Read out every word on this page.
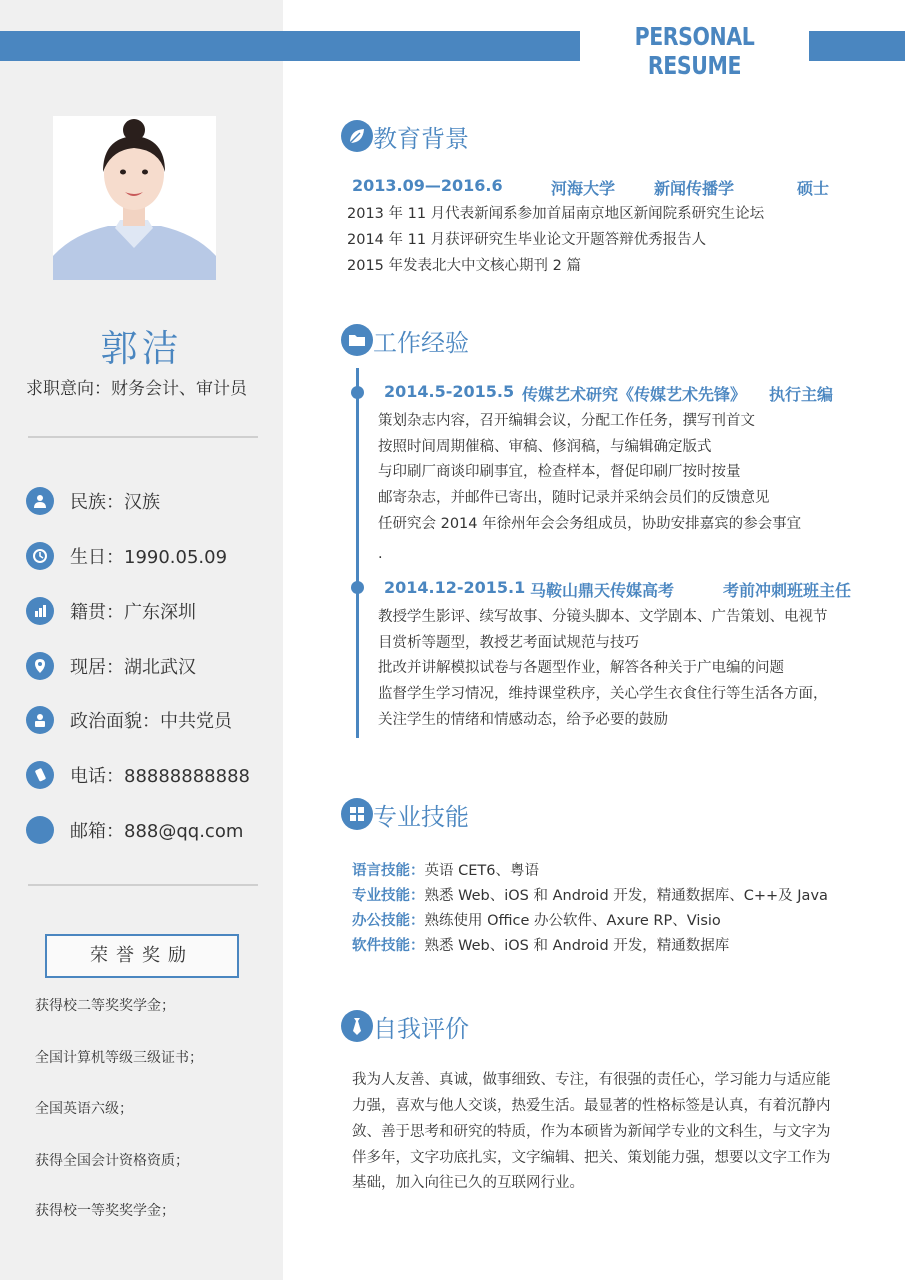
PERSONAL RESUME
郭洁
求职意向：财务会计、审计员
民族：汉族
生日：1990.05.09
籍贯：广东深圳
现居：湖北武汉
政治面貌：中共党员
电话：88888888888
邮箱：888@qq.com
荣誉奖励
获得校二等奖奖学金；
全国计算机等级三级证书；
全国英语六级；
获得全国会计资格资质；
获得校一等奖奖学金；
教育背景
2013.09—2016.6	河海大学 新闻传播学	硕士
2013 年 11 月代表新闻系参加首届南京地区新闻院系研究生论坛
2014 年 11 月获评研究生毕业论文开题答辩优秀报告人
2015 年发表北大中文核心期刊 2 篇
工作经验
2014.5-2015.5 传媒艺术研究《传媒艺术先锋》 执行主编
策划杂志内容，召开编辑会议，分配工作任务，撰写刊首文
按照时间周期催稿、审稿、修润稿，与编辑确定版式
与印刷厂商谈印刷事宜，检查样本，督促印刷厂按时按量
邮寄杂志，并邮件已寄出，随时记录并采纳会员们的反馈意见
任研究会 2014 年徐州年会会务组成员，协助安排嘉宾的参会事宜
.
2014.12-2015.1 马鞍山鼎天传媒高考	考前冲刺班班主任
教授学生影评、续写故事、分镜头脚本、文学剧本、广告策划、电视节
目赏析等题型，教授艺考面试规范与技巧
批改并讲解模拟试卷与各题型作业，解答各种关于广电编的问题
监督学生学习情况，维持课堂秩序，关心学生衣食住行等生活各方面，
关注学生的情绪和情感动态，给予必要的鼓励
专业技能
语言技能：英语 CET6、粤语
专业技能：熟悉 Web、iOS 和 Android 开发，精通数据库、C++及 Java
办公技能：熟练使用 Office 办公软件、Axure RP、Visio
软件技能：熟悉 Web、iOS 和 Android 开发，精通数据库
自我评价
我为人友善、真诚，做事细致、专注，有很强的责任心，学习能力与适应能
力强，喜欢与他人交谈，热爱生活。最显著的性格标签是认真，有着沉静内
敛、善于思考和研究的特质，作为本硕皆为新闻学专业的文科生，与文字为
伴多年，文字功底扎实，文字编辑、把关、策划能力强，想要以文字工作为
基础，加入向往已久的互联网行业。
